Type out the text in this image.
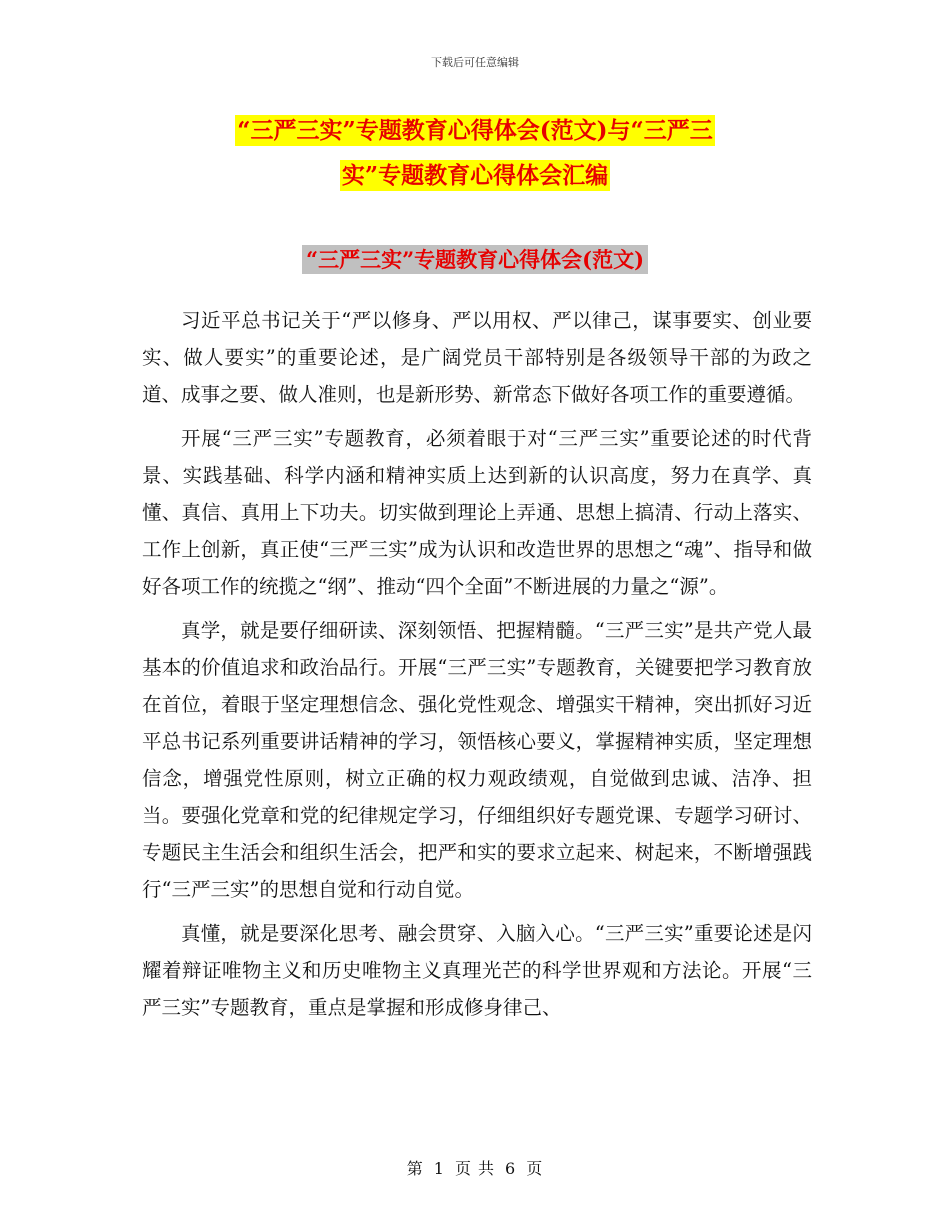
下载后可任意编辑
“三严三实”专题教育心得体会(范文)与“三严三
实”专题教育心得体会汇编
“三严三实”专题教育心得体会(范文)

习近平总书记关于“严以修身、严以用权、严以律己，谋事要实、创业要实、做人要实”的重要论述，是广阔党员干部特别是各级领导干部的为政之道、成事之要、做人准则，也是新形势、新常态下做好各项工作的重要遵循。

开展“三严三实”专题教育，必须着眼于对“三严三实”重要论述的时代背景、实践基础、科学内涵和精神实质上达到新的认识高度，努力在真学、真懂、真信、真用上下功夫。切实做到理论上弄通、思想上搞清、行动上落实、工作上创新，真正使“三严三实”成为认识和改造世界的思想之“魂”、指导和做好各项工作的统揽之“纲”、推动“四个全面”不断进展的力量之“源”。

真学，就是要仔细研读、深刻领悟、把握精髓。“三严三实”是共产党人最基本的价值追求和政治品行。开展“三严三实”专题教育，关键要把学习教育放在首位，着眼于坚定理想信念、强化党性观念、增强实干精神，突出抓好习近平总书记系列重要讲话精神的学习，领悟核心要义，掌握精神实质，坚定理想信念，增强党性原则，树立正确的权力观政绩观，自觉做到忠诚、洁净、担当。要强化党章和党的纪律规定学习，仔细组织好专题党课、专题学习研讨、专题民主生活会和组织生活会，把严和实的要求立起来、树起来，不断增强践行“三严三实”的思想自觉和行动自觉。

真懂，就是要深化思考、融会贯穿、入脑入心。“三严三实”重要论述是闪耀着辩证唯物主义和历史唯物主义真理光芒的科学世界观和方法论。开展“三严三实”专题教育，重点是掌握和形成修身律己、

第 1 页 共 6 页
